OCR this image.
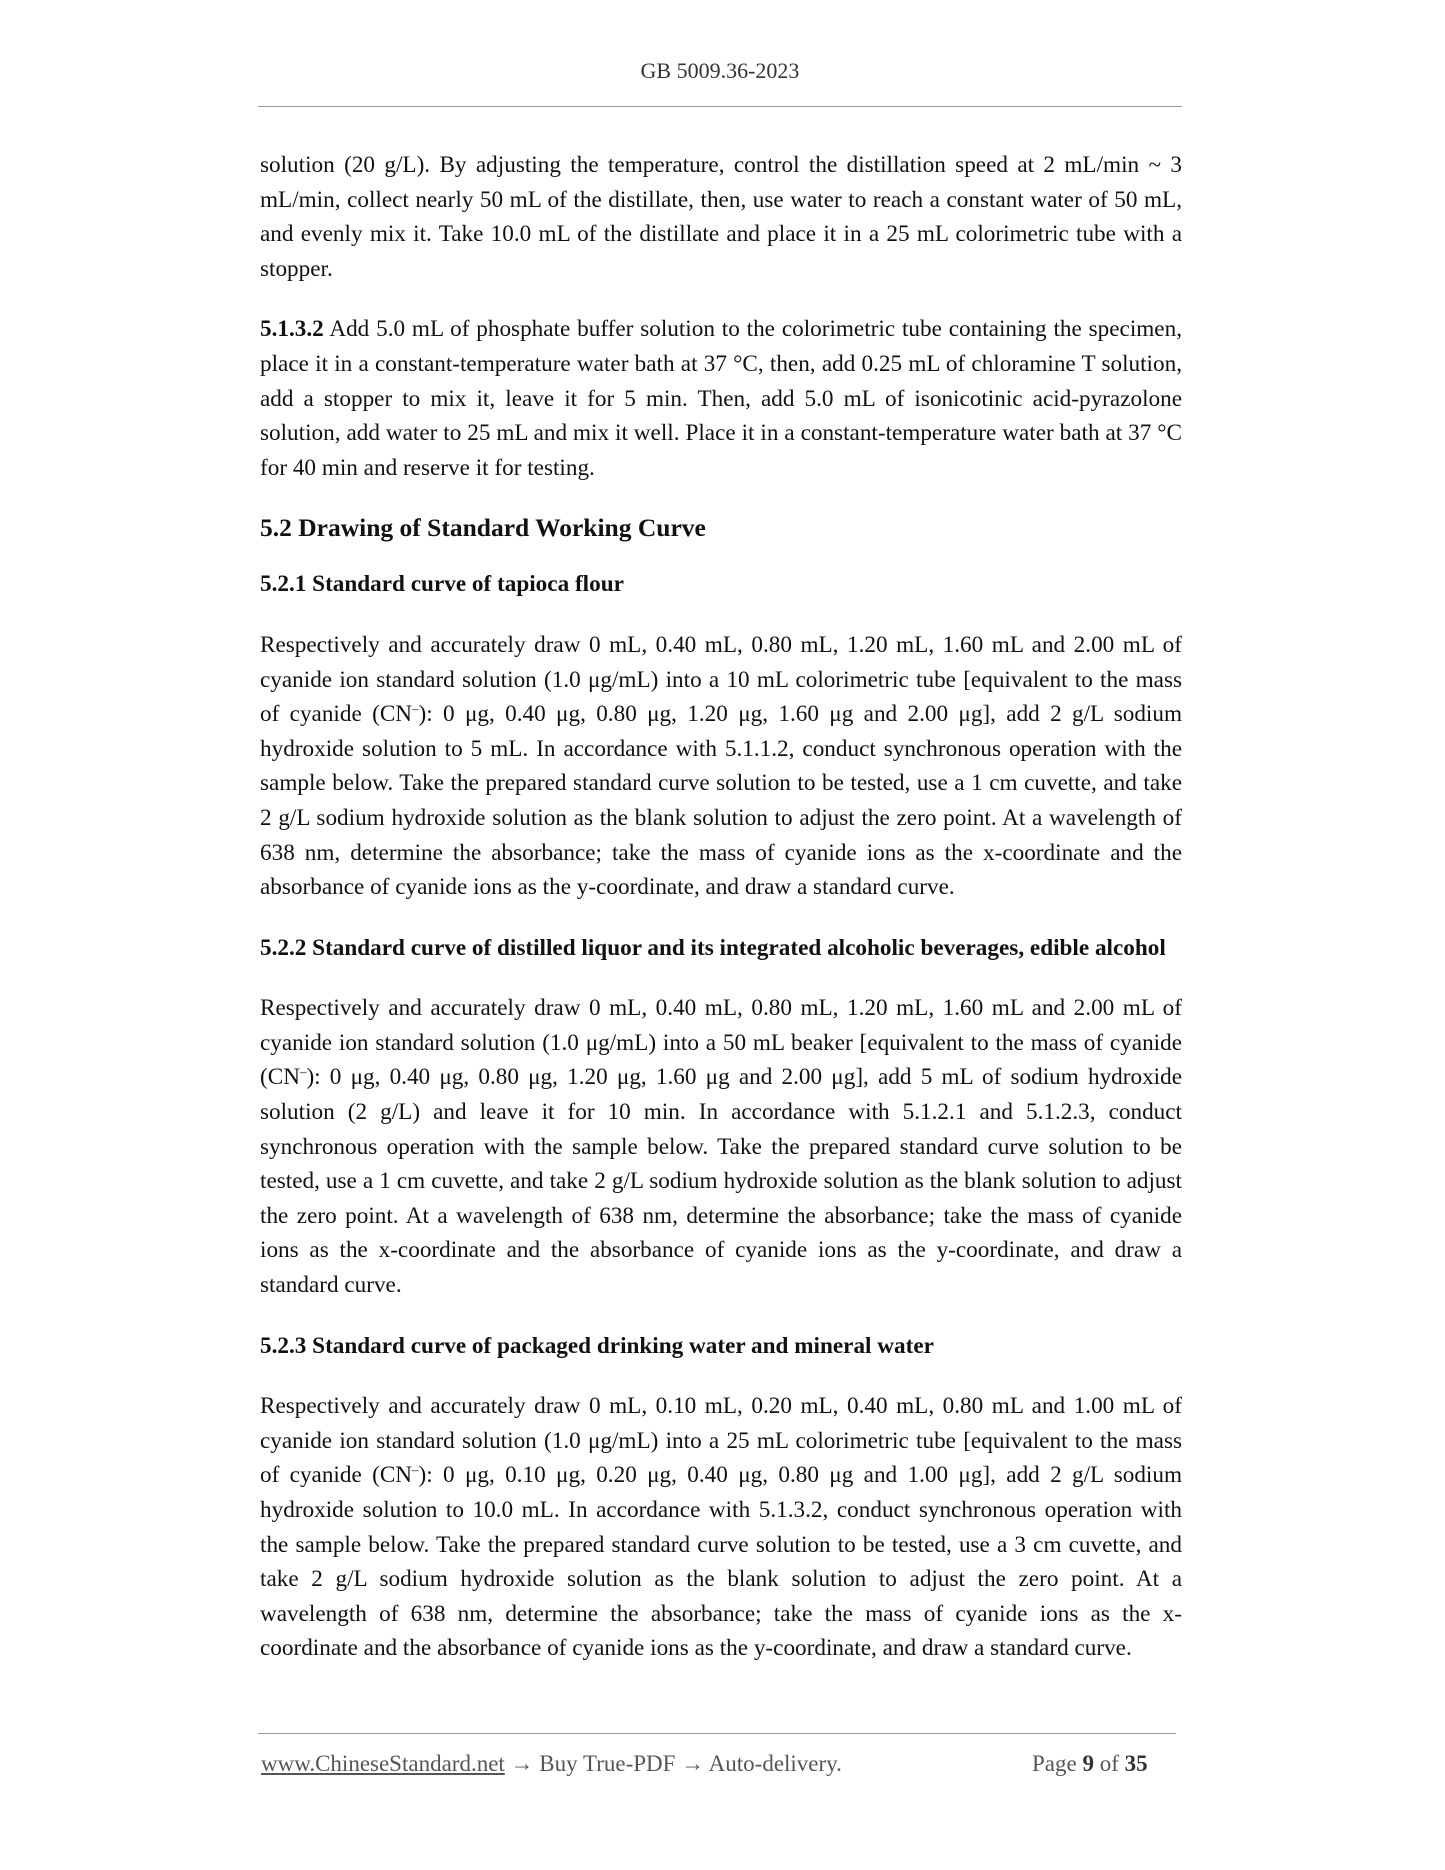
GB 5009.36-2023

solution (20 g/L). By adjusting the temperature, control the distillation speed at 2 mL/min ~ 3 mL/min, collect nearly 50 mL of the distillate, then, use water to reach a constant water of 50 mL, and evenly mix it. Take 10.0 mL of the distillate and place it in a 25 mL colorimetric tube with a stopper.

5.1.3.2 Add 5.0 mL of phosphate buffer solution to the colorimetric tube containing the specimen, place it in a constant-temperature water bath at 37 °C, then, add 0.25 mL of chloramine T solution, add a stopper to mix it, leave it for 5 min. Then, add 5.0 mL of isonicotinic acid-pyrazolone solution, add water to 25 mL and mix it well. Place it in a constant-temperature water bath at 37 °C for 40 min and reserve it for testing.

5.2 Drawing of Standard Working Curve
5.2.1 Standard curve of tapioca flour

Respectively and accurately draw 0 mL, 0.40 mL, 0.80 mL, 1.20 mL, 1.60 mL and 2.00 mL of cyanide ion standard solution (1.0 μg/mL) into a 10 mL colorimetric tube [equivalent to the mass of cyanide (CN–): 0 μg, 0.40 μg, 0.80 μg, 1.20 μg, 1.60 μg and 2.00 μg], add 2 g/L sodium hydroxide solution to 5 mL. In accordance with 5.1.1.2, conduct synchronous operation with the sample below. Take the prepared standard curve solution to be tested, use a 1 cm cuvette, and take 2 g/L sodium hydroxide solution as the blank solution to adjust the zero point. At a wavelength of 638 nm, determine the absorbance; take the mass of cyanide ions as the x-coordinate and the absorbance of cyanide ions as the y-coordinate, and draw a standard curve.

5.2.2 Standard curve of distilled liquor and its integrated alcoholic beverages, edible alcohol

Respectively and accurately draw 0 mL, 0.40 mL, 0.80 mL, 1.20 mL, 1.60 mL and 2.00 mL of cyanide ion standard solution (1.0 μg/mL) into a 50 mL beaker [equivalent to the mass of cyanide (CN–): 0 μg, 0.40 μg, 0.80 μg, 1.20 μg, 1.60 μg and 2.00 μg], add 5 mL of sodium hydroxide solution (2 g/L) and leave it for 10 min. In accordance with 5.1.2.1 and 5.1.2.3, conduct synchronous operation with the sample below. Take the prepared standard curve solution to be tested, use a 1 cm cuvette, and take 2 g/L sodium hydroxide solution as the blank solution to adjust the zero point. At a wavelength of 638 nm, determine the absorbance; take the mass of cyanide ions as the x-coordinate and the absorbance of cyanide ions as the y-coordinate, and draw a standard curve.

5.2.3 Standard curve of packaged drinking water and mineral water

Respectively and accurately draw 0 mL, 0.10 mL, 0.20 mL, 0.40 mL, 0.80 mL and 1.00 mL of cyanide ion standard solution (1.0 μg/mL) into a 25 mL colorimetric tube [equivalent to the mass of cyanide (CN–): 0 μg, 0.10 μg, 0.20 μg, 0.40 μg, 0.80 μg and 1.00 μg], add 2 g/L sodium hydroxide solution to 10.0 mL. In accordance with 5.1.3.2, conduct synchronous operation with the sample below. Take the prepared standard curve solution to be tested, use a 3 cm cuvette, and take 2 g/L sodium hydroxide solution as the blank solution to adjust the zero point. At a wavelength of 638 nm, determine the absorbance; take the mass of cyanide ions as the x-coordinate and the absorbance of cyanide ions as the y-coordinate, and draw a standard curve.

www.ChineseStandard.net → Buy True-PDF → Auto-delivery.	Page 9 of 35
